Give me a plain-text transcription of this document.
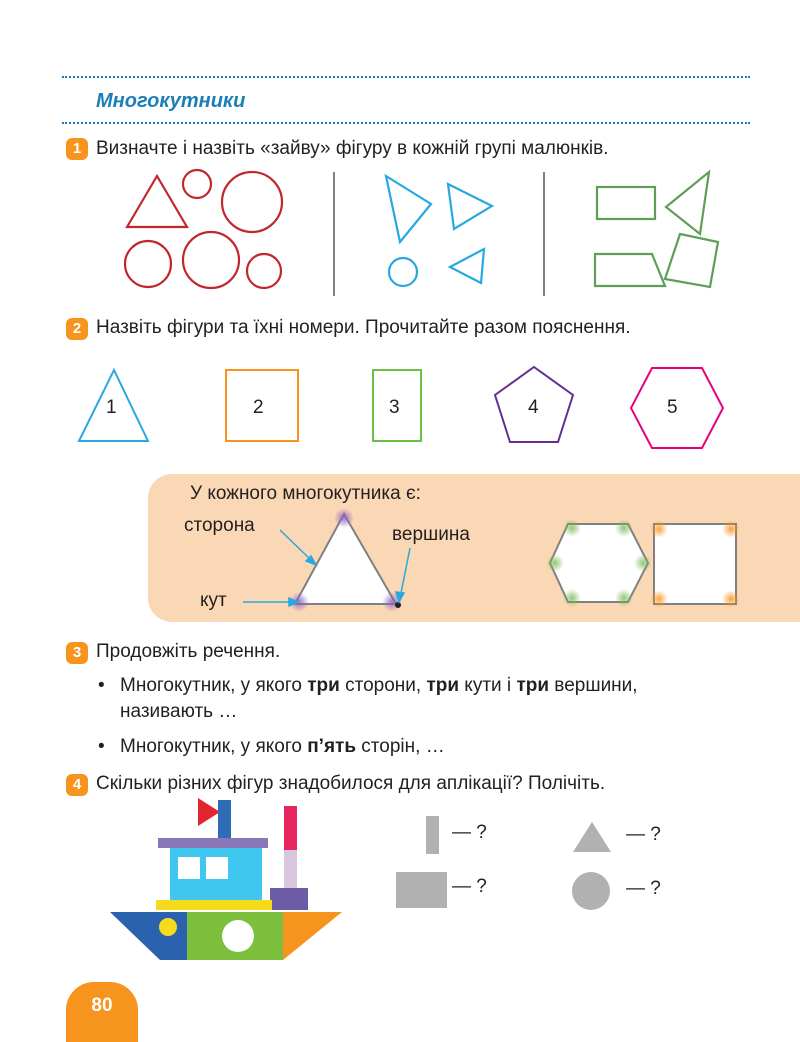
Многокутники
1 Визначте і назвіть «зайву» фігуру в кожній групі малюнків.
2 Назвіть фігури та їхні номери. Прочитайте разом пояснення.
1	2	3	4	5
У кожного многокутника є:
сторона	вершина
кут
3 Продовжіть речення.
• Многокутник, у якого три сторони, три кути і три вершини,
називають …
• Многокутник, у якого п’ять сторін, …
4 Скільки різних фігур знадобилося для аплікації? Полічіть.
— ?
— ?
— ?
— ?
80
